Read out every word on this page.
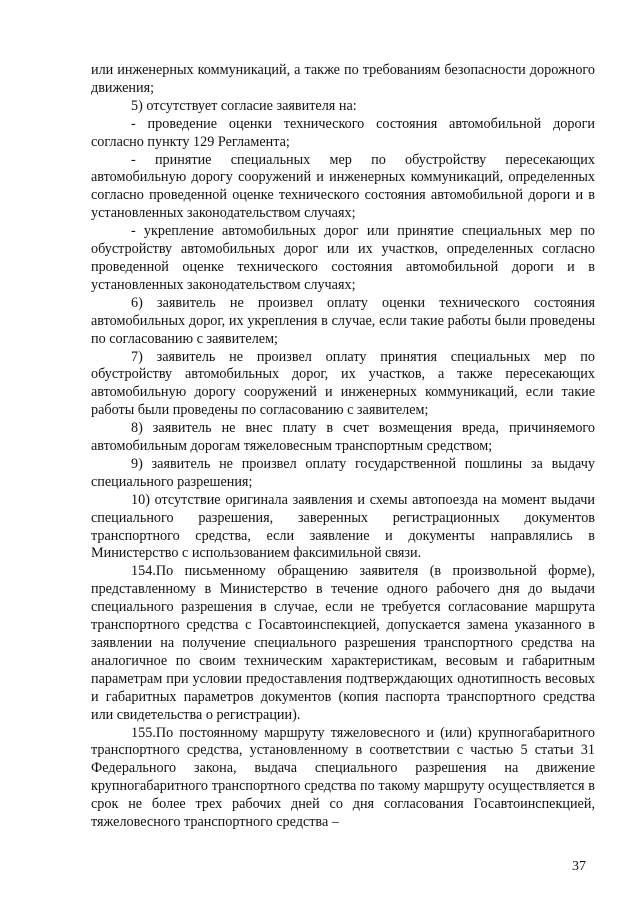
или инженерных коммуникаций, а также по требованиям безопасности дорожного движения;

5) отсутствует согласие заявителя на:

- проведение оценки технического состояния автомобильной дороги согласно пункту 129 Регламента;

- принятие специальных мер по обустройству пересекающих автомобильную дорогу сооружений и инженерных коммуникаций, определенных согласно проведенной оценке технического состояния автомобильной дороги и в установленных законодательством случаях;

- укрепление автомобильных дорог или принятие специальных мер по обустройству автомобильных дорог или их участков, определенных согласно проведенной оценке технического состояния автомобильной дороги и в установленных законодательством случаях;

6) заявитель не произвел оплату оценки технического состояния автомобильных дорог, их укрепления в случае, если такие работы были проведены по согласованию с заявителем;

7) заявитель не произвел оплату принятия специальных мер по обустройству автомобильных дорог, их участков, а также пересекающих автомобильную дорогу сооружений и инженерных коммуникаций, если такие работы были проведены по согласованию с заявителем;

8) заявитель не внес плату в счет возмещения вреда, причиняемого автомобильным дорогам тяжеловесным транспортным средством;

9) заявитель не произвел оплату государственной пошлины за выдачу специального разрешения;

10) отсутствие оригинала заявления и схемы автопоезда на момент выдачи специального разрешения, заверенных регистрационных документов транспортного средства, если заявление и документы направлялись в Министерство с использованием факсимильной связи.

154.По письменному обращению заявителя (в произвольной форме), представленному в Министерство в течение одного рабочего дня до выдачи специального разрешения в случае, если не требуется согласование маршрута транспортного средства с Госавтоинспекцией, допускается замена указанного в заявлении на получение специального разрешения транспортного средства на аналогичное по своим техническим характеристикам, весовым и габаритным параметрам при условии предоставления подтверждающих однотипность весовых и габаритных параметров документов (копия паспорта транспортного средства или свидетельства о регистрации).

155.По постоянному маршруту тяжеловесного и (или) крупногабаритного транспортного средства, установленному в соответствии с частью 5 статьи 31 Федерального закона, выдача специального разрешения на движение крупногабаритного транспортного средства по такому маршруту осуществляется в срок не более трех рабочих дней со дня согласования Госавтоинспекцией, тяжеловесного транспортного средства –

37
